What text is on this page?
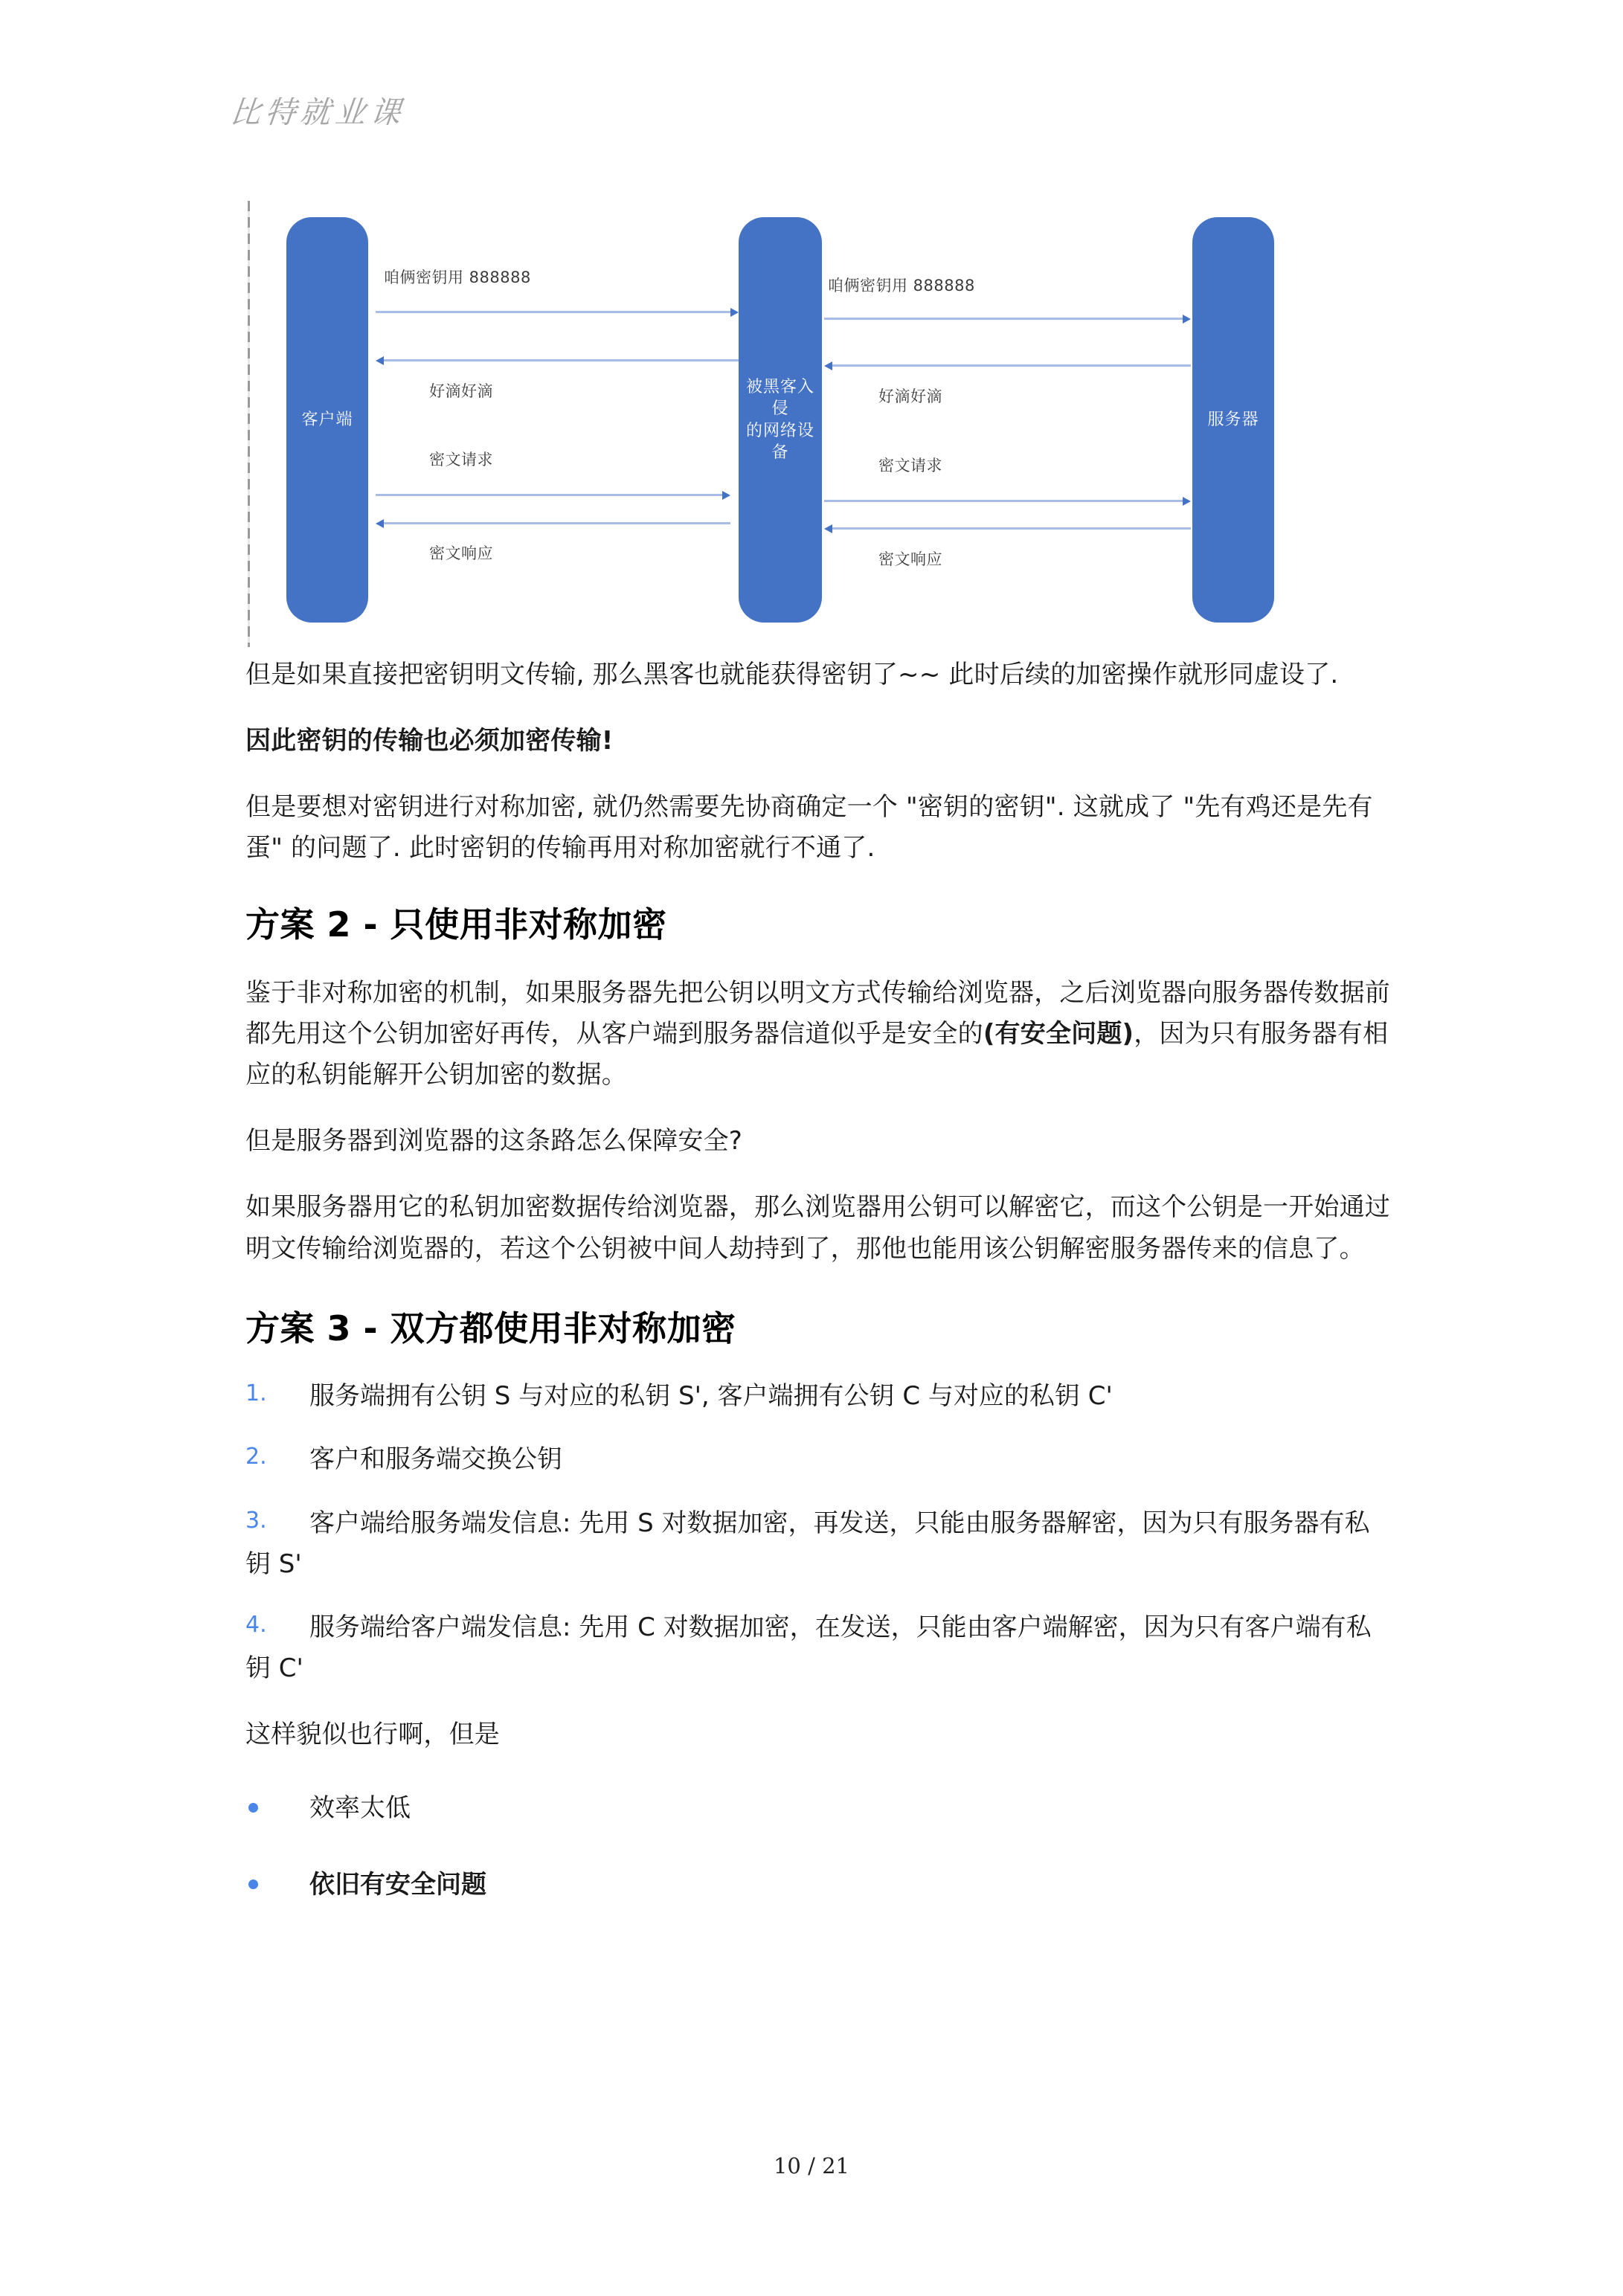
比特就业课
客户端
被黑客入侵
的网络设备
服务器
咱俩密钥用 888888
好滴好滴
密文请求
密文响应
咱俩密钥用 888888
好滴好滴
密文请求
密文响应

但是如果直接把密钥明文传输, 那么黑客也就能获得密钥了~~ 此时后续的加密操作就形同虚设了.

因此密钥的传输也必须加密传输!

但是要想对密钥进行对称加密, 就仍然需要先协商确定一个 "密钥的密钥". 这就成了 "先有鸡还是先有蛋" 的问题了. 此时密钥的传输再用对称加密就行不通了.

方案 2 - 只使用非对称加密

鉴于非对称加密的机制，如果服务器先把公钥以明文方式传输给浏览器，之后浏览器向服务器传数据前都先用这个公钥加密好再传，从客户端到服务器信道似乎是安全的(有安全问题)，因为只有服务器有相应的私钥能解开公钥加密的数据。

但是服务器到浏览器的这条路怎么保障安全?

如果服务器用它的私钥加密数据传给浏览器，那么浏览器用公钥可以解密它，而这个公钥是一开始通过明文传输给浏览器的，若这个公钥被中间人劫持到了，那他也能用该公钥解密服务器传来的信息了。

方案 3 - 双方都使用非对称加密
1. 服务端拥有公钥 S 与对应的私钥 S', 客户端拥有公钥 C 与对应的私钥 C'
2. 客户和服务端交换公钥
3. 客户端给服务端发信息: 先用 S 对数据加密，再发送，只能由服务器解密，因为只有服务器有私钥 S'
4. 服务端给客户端发信息: 先用 C 对数据加密，在发送，只能由客户端解密，因为只有客户端有私钥 C'

这样貌似也行啊，但是

效率太低
依旧有安全问题
10 / 21
